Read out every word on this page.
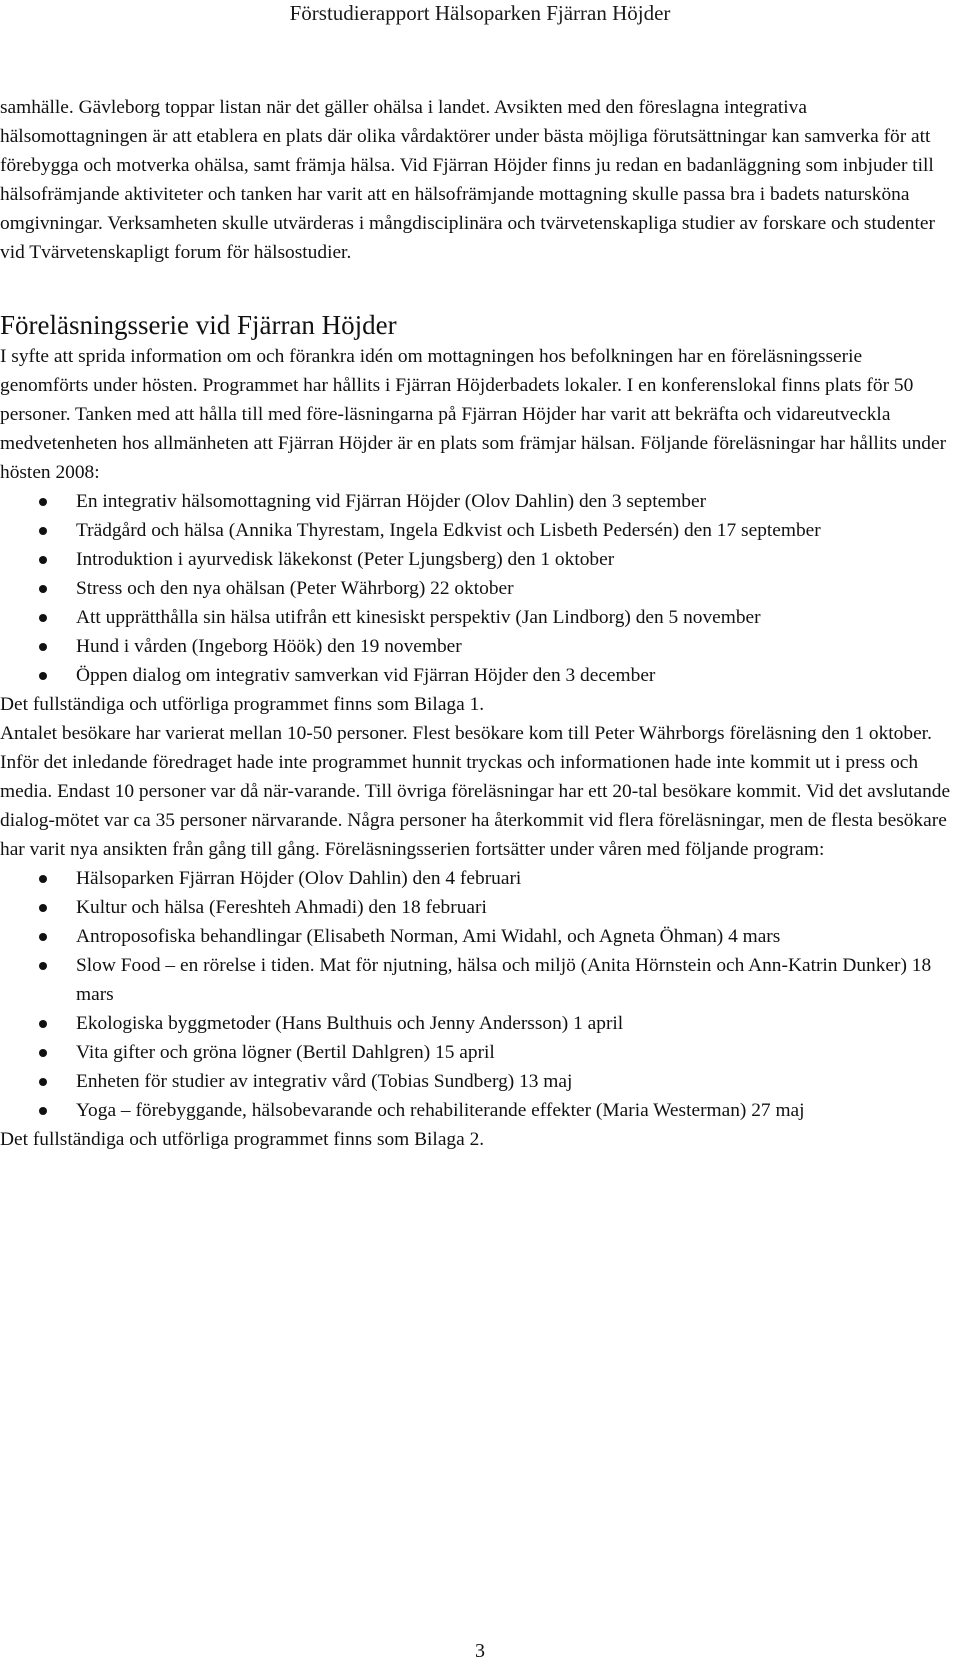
Förstudierapport Hälsoparken Fjärran Höjder

samhälle. Gävleborg toppar listan när det gäller ohälsa i landet. Avsikten med den föreslagna integrativa hälsomottagningen är att etablera en plats där olika vårdaktörer under bästa möjliga förutsättningar kan samverka för att förebygga och motverka ohälsa, samt främja hälsa. Vid Fjärran Höjder finns ju redan en badanläggning som inbjuder till hälsofrämjande aktiviteter och tanken har varit att en hälsofrämjande mottagning skulle passa bra i badets natursköna omgivningar. Verksamheten skulle utvärderas i mångdisciplinära och tvärvetenskapliga studier av forskare och studenter vid Tvärvetenskapligt forum för hälsostudier.

Föreläsningsserie vid Fjärran Höjder

I syfte att sprida information om och förankra idén om mottagningen hos befolkningen har en föreläsningsserie genomförts under hösten. Programmet har hållits i Fjärran Höjderbadets lokaler. I en konferenslokal finns plats för 50 personer. Tanken med att hålla till med före-läsningarna på Fjärran Höjder har varit att bekräfta och vidareutveckla medvetenheten hos allmänheten att Fjärran Höjder är en plats som främjar hälsan. Följande föreläsningar har hållits under hösten 2008:

En integrativ hälsomottagning vid Fjärran Höjder (Olov Dahlin) den 3 september
Trädgård och hälsa (Annika Thyrestam, Ingela Edkvist och Lisbeth Pedersén) den 17 september
Introduktion i ayurvedisk läkekonst (Peter Ljungsberg) den 1 oktober
Stress och den nya ohälsan (Peter Währborg) 22 oktober
Att upprätthålla sin hälsa utifrån ett kinesiskt perspektiv (Jan Lindborg) den 5 november
Hund i vården (Ingeborg Höök) den 19 november
Öppen dialog om integrativ samverkan vid Fjärran Höjder den 3 december

Det fullständiga och utförliga programmet finns som Bilaga 1.

Antalet besökare har varierat mellan 10-50 personer. Flest besökare kom till Peter Währborgs föreläsning den 1 oktober. Inför det inledande föredraget hade inte programmet hunnit tryckas och informationen hade inte kommit ut i press och media. Endast 10 personer var då när-varande. Till övriga föreläsningar har ett 20-tal besökare kommit. Vid det avslutande dialog-mötet var ca 35 personer närvarande. Några personer ha återkommit vid flera föreläsningar, men de flesta besökare har varit nya ansikten från gång till gång. Föreläsningsserien fortsätter under våren med följande program:

Hälsoparken Fjärran Höjder (Olov Dahlin) den 4 februari
Kultur och hälsa (Fereshteh Ahmadi) den 18 februari
Antroposofiska behandlingar (Elisabeth Norman, Ami Widahl, och Agneta Öhman) 4 mars
Slow Food – en rörelse i tiden. Mat för njutning, hälsa och miljö (Anita Hörnstein och Ann-Katrin Dunker) 18 mars
Ekologiska byggmetoder (Hans Bulthuis och Jenny Andersson) 1 april
Vita gifter och gröna lögner (Bertil Dahlgren) 15 april
Enheten för studier av integrativ vård (Tobias Sundberg) 13 maj
Yoga – förebyggande, hälsobevarande och rehabiliterande effekter (Maria Westerman) 27 maj

Det fullständiga och utförliga programmet finns som Bilaga 2.

3
